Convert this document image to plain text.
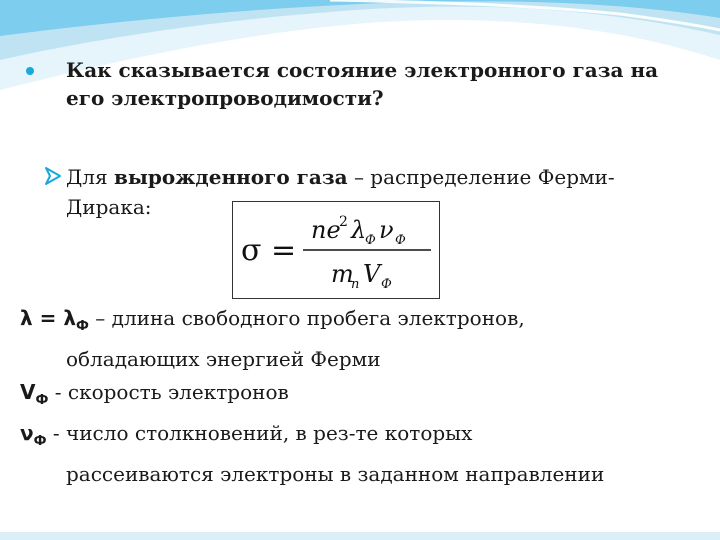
Как сказывается состояние электронного газа на его электропроводимости?
Для вырожденного газа – распределение Ферми-Дирака:
σ =
ne
2 λ
Ф ν Ф
m
п V Ф
$\lambda = \lambda_Ф$ – длина свободного пробега электронов,
обладающих энергией Ферми
$V_Ф$ - скорость электронов
$\nu_Ф$ - число столкновений, в рез-те которых
рассеиваются электроны в заданном направлении
